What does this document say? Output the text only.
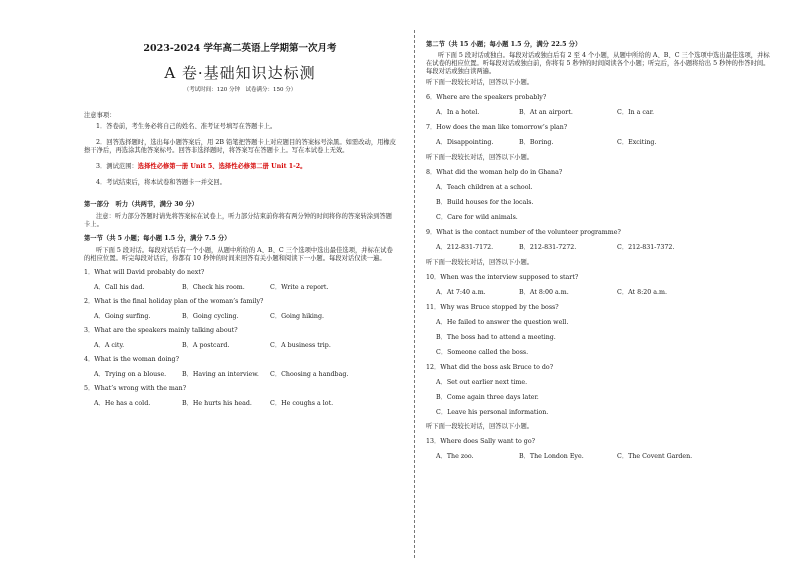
2023-2024 学年高二英语上学期第一次月考
A 卷·基础知识达标测
（考试时间：120 分钟　试卷满分：150 分）

注意事项：

1．答卷前，考生务必将自己的姓名、准考证号填写在答题卡上。

2．回答选择题时，选出每小题答案后，用 2B 铅笔把答题卡上对应题目的答案标号涂黑。如需改动，用橡皮擦干净后，再选涂其他答案标号。回答非选择题时，将答案写在答题卡上。写在本试卷上无效。

3．测试范围：选择性必修第一册 Unit 5、选择性必修第二册 Unit 1-2。

4．考试结束后，将本试卷和答题卡一并交回。

第一部分　听力（共两节，满分 30 分）

注意：听力部分答题时请先将答案标在试卷上，听力部分结束前你将有两分钟的时间将你的答案转涂到答题卡上。

第一节（共 5 小题；每小题 1.5 分，满分 7.5 分）

听下面 5 段对话。每段对话后有一个小题，从题中所给的 A、B、C 三个选项中选出最佳选项，并标在试卷的相应位置。听完每段对话后，你都有 10 秒钟的时间来回答有关小题和阅读下一小题。每段对话仅读一遍。

1．What will David probably do next?

A．Call his dad.	B．Check his room.	C．Write a report.

2．What is the final holiday plan of the woman’s family?

A．Going surfing.	B．Going cycling.	C．Going hiking.

3．What are the speakers mainly talking about?

A．A city.	B．A postcard.	C．A business trip.

4．What is the woman doing?

A．Trying on a blouse.	B．Having an interview.	C．Choosing a handbag.

5．What’s wrong with the man?

A．He has a cold.	B．He hurts his head.	C．He coughs a lot.

第二节（共 15 小题；每小题 1.5 分，满分 22.5 分）

听下面 5 段对话或独白。每段对话或独白后有 2 至 4 个小题，从题中所给的 A、B、C 三个选项中选出最佳选项，并标在试卷的相应位置。听每段对话或独白前，你将有 5 秒钟的时间阅读各个小题；听完后，各小题将给出 5 秒钟的作答时间。每段对话或独白读两遍。

听下面一段较长对话，回答以下小题。

6．Where are the speakers probably?

A．In a hotel.	B．At an airport.	C．In a car.

7．How does the man like tomorrow’s plan?

A．Disappointing.	B．Boring.	C．Exciting.

听下面一段较长对话，回答以下小题。

8．What did the woman help do in Ghana?

A．Teach children at a school.

B．Build houses for the locals.

C．Care for wild animals.

9．What is the contact number of the volunteer programme?

A．212-831-7172.	B．212-831-7272.	C．212-831-7372.

听下面一段较长对话，回答以下小题。

10．When was the interview supposed to start?

A．At 7:40 a.m.	B．At 8:00 a.m.	C．At 8:20 a.m.

11．Why was Bruce stopped by the boss?

A．He failed to answer the question well.

B．The boss had to attend a meeting.

C．Someone called the boss.

12．What did the boss ask Bruce to do?

A．Set out earlier next time.

B．Come again three days later.

C．Leave his personal information.

听下面一段较长对话，回答以下小题。

13．Where does Sally want to go?

A．The zoo.	B．The London Eye.	C．The Covent Garden.
